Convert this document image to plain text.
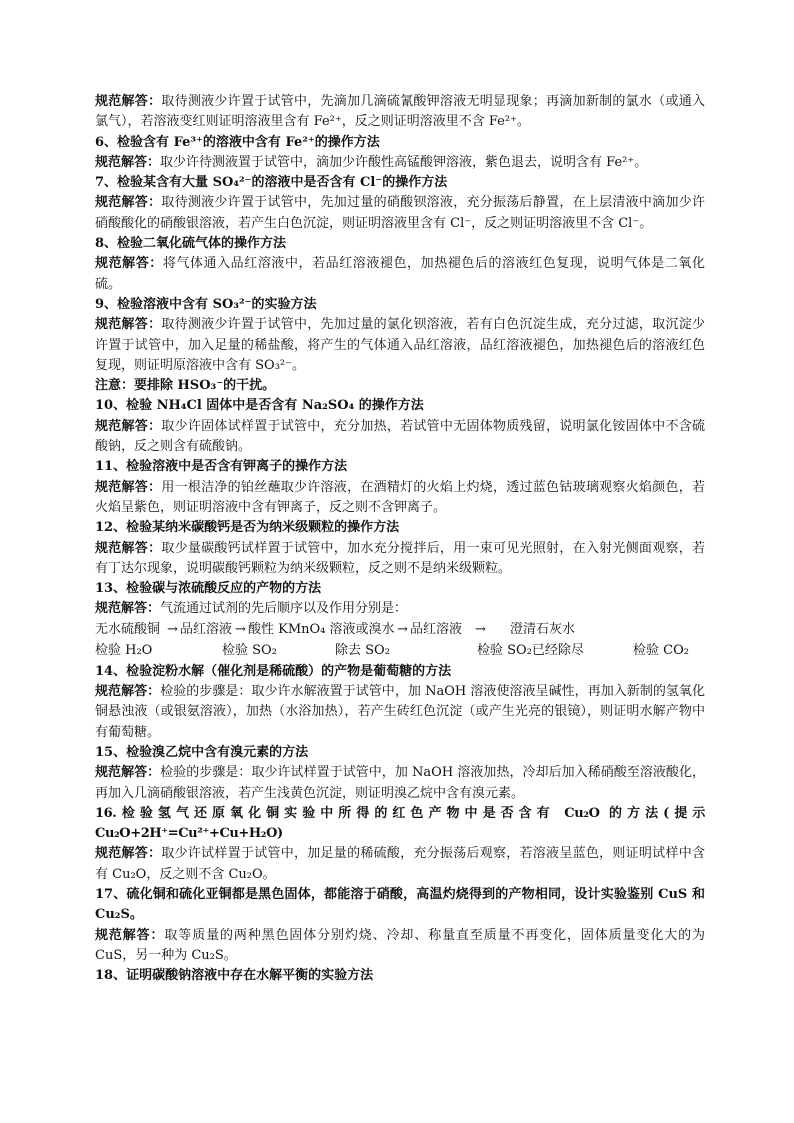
规范解答：取待测液少许置于试管中，先滴加几滴硫氰酸钾溶液无明显现象；再滴加新制的氯水（或通入氯气），若溶液变红则证明溶液里含有 Fe²⁺，反之则证明溶液里不含 Fe²⁺。

6、检验含有 Fe³⁺的溶液中含有 Fe²⁺的操作方法

规范解答：取少许待测液置于试管中，滴加少许酸性高锰酸钾溶液，紫色退去，说明含有 Fe²⁺。

7、检验某含有大量 SO₄²⁻的溶液中是否含有 Cl⁻的操作方法

规范解答：取待测液少许置于试管中，先加过量的硝酸钡溶液，充分振荡后静置，在上层清液中滴加少许硝酸酸化的硝酸银溶液，若产生白色沉淀，则证明溶液里含有 Cl⁻，反之则证明溶液里不含 Cl⁻。

8、检验二氧化硫气体的操作方法

规范解答：将气体通入品红溶液中，若品红溶液褪色，加热褪色后的溶液红色复现，说明气体是二氧化硫。

9、检验溶液中含有 SO₃²⁻的实验方法

规范解答：取待测液少许置于试管中，先加过量的氯化钡溶液，若有白色沉淀生成，充分过滤，取沉淀少许置于试管中，加入足量的稀盐酸，将产生的气体通入品红溶液，品红溶液褪色，加热褪色后的溶液红色复现，则证明原溶液中含有 SO₃²⁻。

注意：要排除 HSO₃⁻的干扰。

10、检验 NH₄Cl 固体中是否含有 Na₂SO₄ 的操作方法

规范解答：取少许固体试样置于试管中，充分加热，若试管中无固体物质残留，说明氯化铵固体中不含硫酸钠，反之则含有硫酸钠。

11、检验溶液中是否含有钾离子的操作方法

规范解答：用一根洁净的铂丝蘸取少许溶液，在酒精灯的火焰上灼烧，透过蓝色钴玻璃观察火焰颜色，若火焰呈紫色，则证明溶液中含有钾离子，反之则不含钾离子。

12、检验某纳米碳酸钙是否为纳米级颗粒的操作方法

规范解答：取少量碳酸钙试样置于试管中，加水充分搅拌后，用一束可见光照射，在入射光侧面观察，若有丁达尔现象，说明碳酸钙颗粒为纳米级颗粒，反之则不是纳米级颗粒。

13、检验碳与浓硫酸反应的产物的方法

规范解答：气流通过试剂的先后顺序以及作用分别是：

无水硫酸铜 → 品红溶液 → 酸性 KMnO₄ 溶液或溴水 → 品红溶液 → 澄清石灰水
检验 H₂O	检验 SO₂	除去 SO₂	检验 SO₂已经除尽	检验 CO₂

14、检验淀粉水解（催化剂是稀硫酸）的产物是葡萄糖的方法

规范解答：检验的步骤是：取少许水解液置于试管中，加 NaOH 溶液使溶液呈碱性，再加入新制的氢氧化铜悬浊液（或银氨溶液），加热（水浴加热），若产生砖红色沉淀（或产生光亮的银镜），则证明水解产物中有葡萄糖。

15、检验溴乙烷中含有溴元素的方法

规范解答：检验的步骤是：取少许试样置于试管中，加 NaOH 溶液加热，冷却后加入稀硝酸至溶液酸化，再加入几滴硝酸银溶液，若产生浅黄色沉淀，则证明溴乙烷中含有溴元素。

16.检验氢气还原氧化铜实验中所得的红色产物中是否含有 Cu₂O 的方法(提示 Cu₂O+2H⁺=Cu²⁺+Cu+H₂O)

规范解答：取少许试样置于试管中，加足量的稀硫酸，充分振荡后观察，若溶液呈蓝色，则证明试样中含有 Cu₂O，反之则不含 Cu₂O。

17、硫化铜和硫化亚铜都是黑色固体，都能溶于硝酸，高温灼烧得到的产物相同，设计实验鉴别 CuS 和 Cu₂S。

规范解答：取等质量的两种黑色固体分别灼烧、冷却、称量直至质量不再变化，固体质量变化大的为 CuS，另一种为 Cu₂S。

18、证明碳酸钠溶液中存在水解平衡的实验方法
